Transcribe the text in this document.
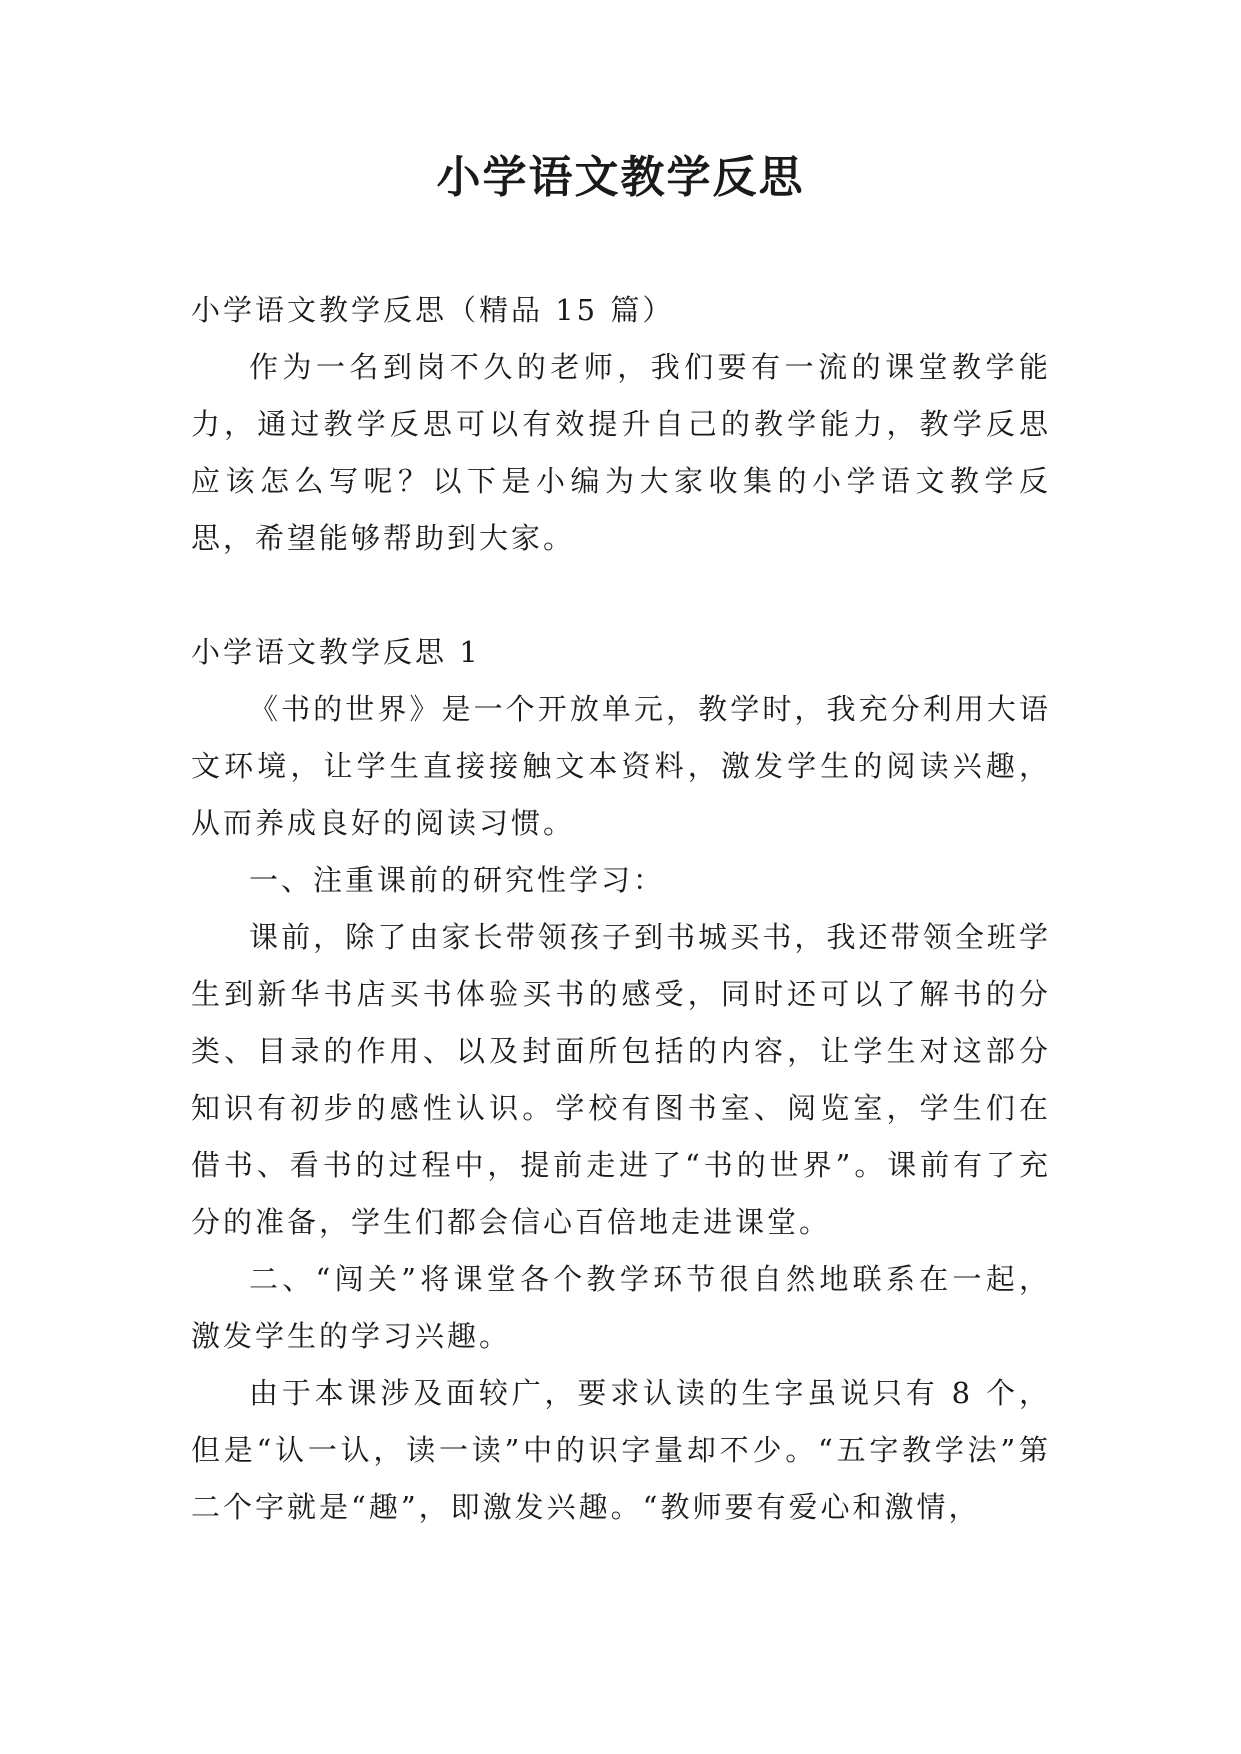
小学语文教学反思

小学语文教学反思（精品 15 篇）

作为一名到岗不久的老师，我们要有一流的课堂教学能力，通过教学反思可以有效提升自己的教学能力，教学反思应该怎么写呢？以下是小编为大家收集的小学语文教学反思，希望能够帮助到大家。

小学语文教学反思 1

《书的世界》是一个开放单元，教学时，我充分利用大语文环境，让学生直接接触文本资料，激发学生的阅读兴趣，从而养成良好的阅读习惯。

一、注重课前的研究性学习：

课前，除了由家长带领孩子到书城买书，我还带领全班学生到新华书店买书体验买书的感受，同时还可以了解书的分类、目录的作用、以及封面所包括的内容，让学生对这部分知识有初步的感性认识。学校有图书室、阅览室，学生们在借书、看书的过程中，提前走进了“书的世界”。课前有了充分的准备，学生们都会信心百倍地走进课堂。

二、“闯关”将课堂各个教学环节很自然地联系在一起，激发学生的学习兴趣。

由于本课涉及面较广，要求认读的生字虽说只有 8 个，但是“认一认，读一读”中的识字量却不少。“五字教学法”第二个字就是“趣”，即激发兴趣。“教师要有爱心和激情，
